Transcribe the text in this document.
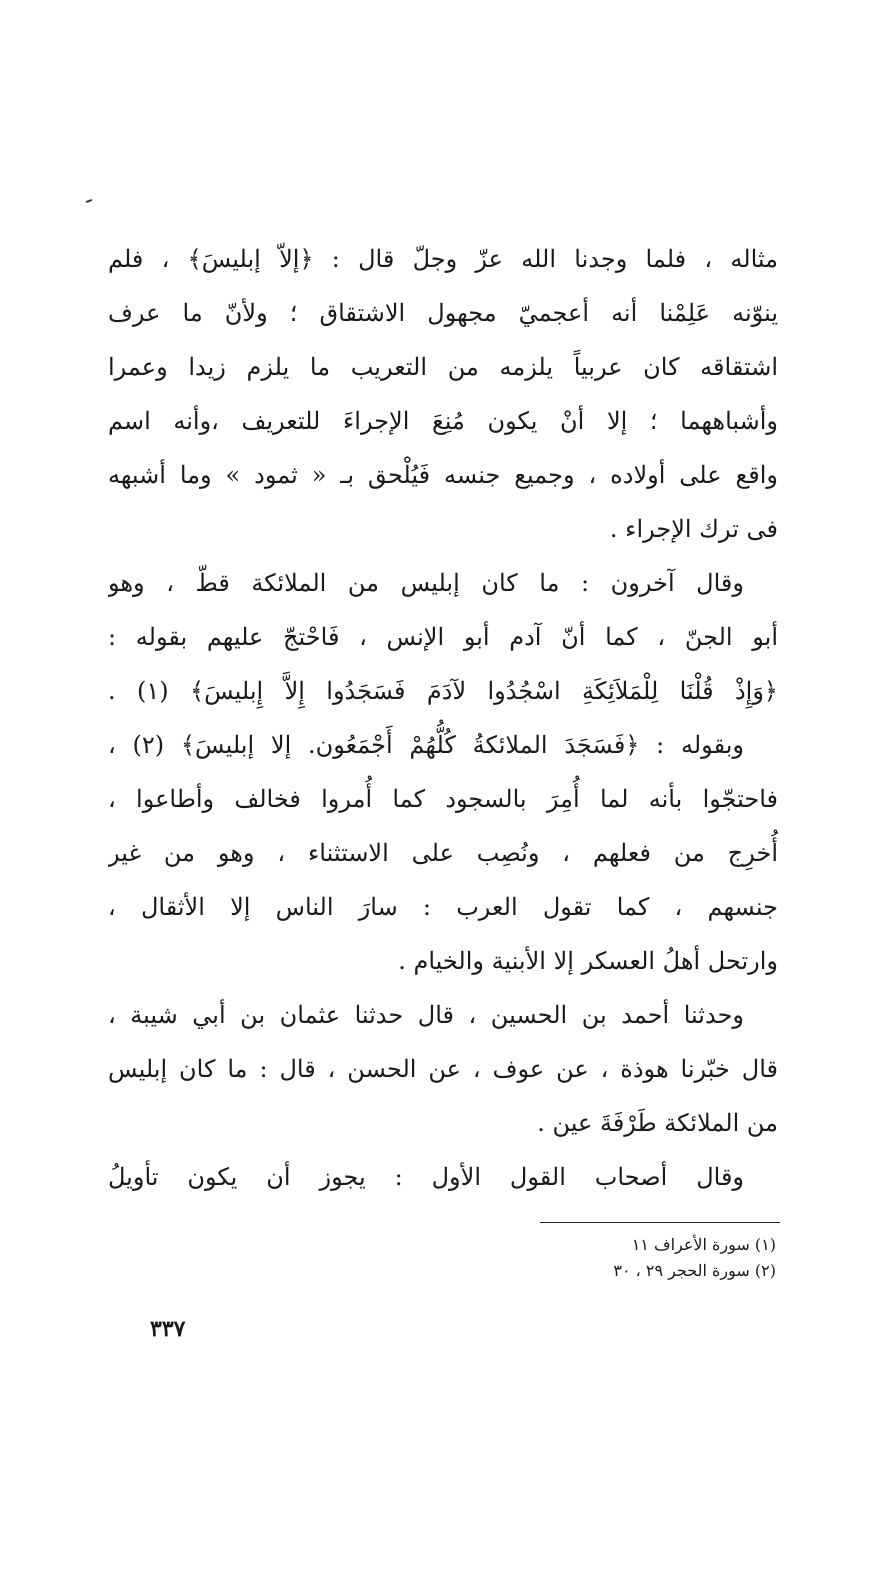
مثاله ، فلما وجدنا الله عزّ وجلّ قال : ﴿إلاّ إبليسَ﴾ ، فلم
ينوّنه عَلِمْنا أنه أعجميّ مجهول الاشتقاق ؛ ولأنّ ما عرف
اشتقاقه كان عربياً يلزمه من التعريب ما يلزم زيدا وعمرا
وأشباههما ؛ إلا أنْ يكون مُنِعَ الإجراءَ للتعريف ،وأنه اسم
واقع على أولاده ، وجميع جنسه فَيُلْحق بـ « ثمود » وما أشبهه
فى ترك الإجراء .
وقال آخرون : ما كان إبليس من الملائكة قطّ ، وهو
أبو الجنّ ، كما أنّ آدم أبو الإنس ، فَاحْتجّ عليهم بقوله :
﴿وَإِذْ قُلْنَا لِلْمَلاَئِكَةِ اسْجُدُوا لآدَمَ فَسَجَدُوا إِلاَّ إِبليسَ﴾ (١) .
وبقوله : ﴿فَسَجَدَ الملائكةُ كُلُّهُمْ أَجْمَعُون. إلا إبليسَ﴾ (٢) ،
فاحتجّوا بأنه لما أُمِرَ بالسجود كما أُمروا فخالف وأطاعوا ،
أُخرِج من فعلهم ، ونُصِب على الاستثناء ، وهو من غير
جنسهم ، كما تقول العرب : سارَ الناس إلا الأثقال ،
وارتحل أهلُ العسكر إلا الأبنية والخيام .
وحدثنا أحمد بن الحسين ، قال حدثنا عثمان بن أبي شيبة ،
قال خبّرنا هوذة ، عن عوف ، عن الحسن ، قال : ما كان إبليس
من الملائكة طَرْفَةَ عين .
وقال أصحاب القول الأول : يجوز أن يكون تأويلُ
(١) سورة الأعراف ١١
(٢) سورة الحجر ٢٩ ، ٣٠
٣٣٧
